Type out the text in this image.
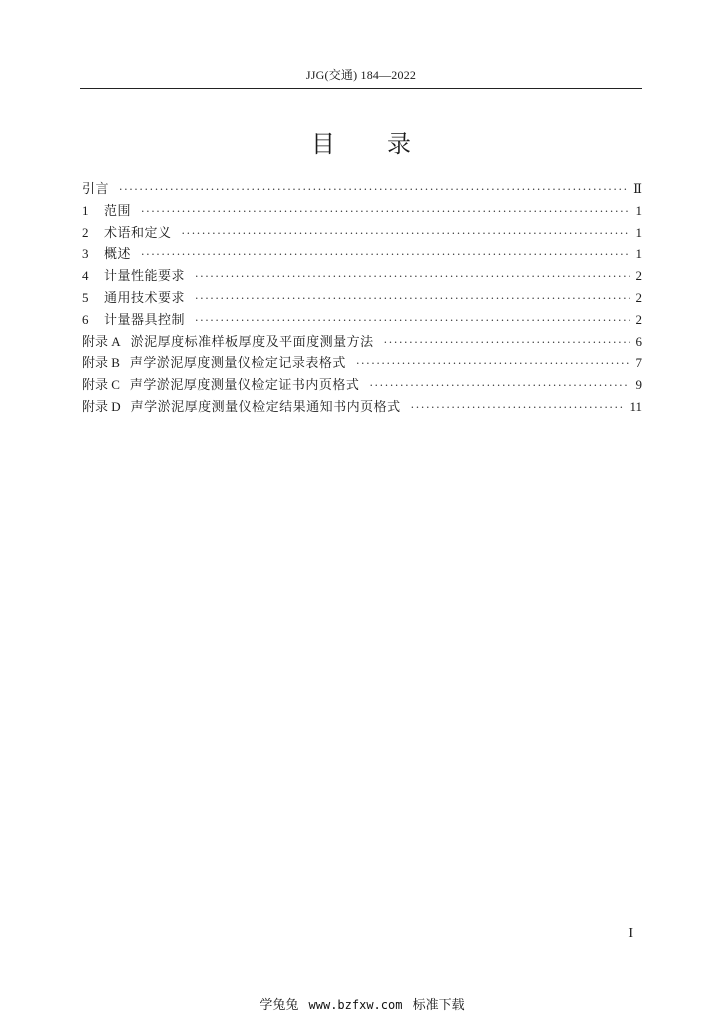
JJG(交通) 184—2022
目 录
引言 ·····	Ⅱ
1	范围 ·····	1
2	术语和定义 ·····	1
3	概述 ·····	1
4	计量性能要求 ·····	2
5	通用技术要求 ·····	2
6	计量器具控制 ·····	2
附录 A 淤泥厚度标准样板厚度及平面度测量方法 ·····	6
附录 B 声学淤泥厚度测量仪检定记录表格式 ·····	7
附录 C 声学淤泥厚度测量仪检定证书内页格式 ·····	9
附录 D 声学淤泥厚度测量仪检定结果通知书内页格式 ·····	11
I
学兔兔 www.bzfxw.com 标准下载
